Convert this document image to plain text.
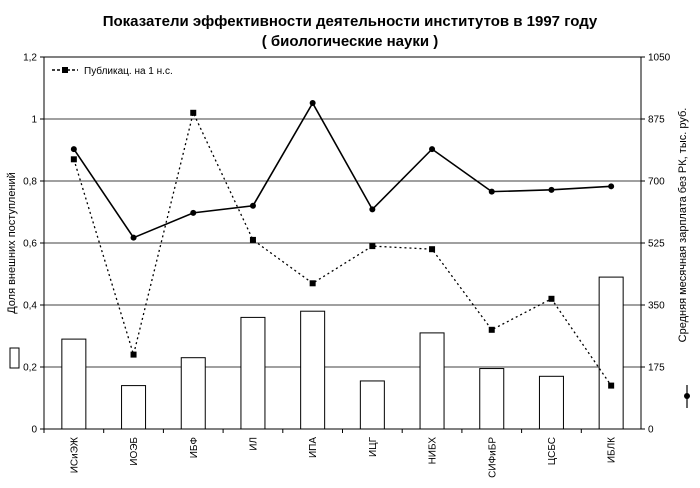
Показатели эффективности деятельности институтов в 1997 году
( биологические науки )
0
0,2
0,4
0,6
0,8
1
1,2
0
175
350
525
700
875
1050
ИСиЭЖ	ИОЭБ	ИБФ	ИЛ	ИПА	ИЦГ	НИБХ	СИФиБР	ЦСБС	ИБЛК
Публикац. на 1 н.с.
Доля внешних поступлений	Средняя месячная зарплата без РК, тыс. руб.
